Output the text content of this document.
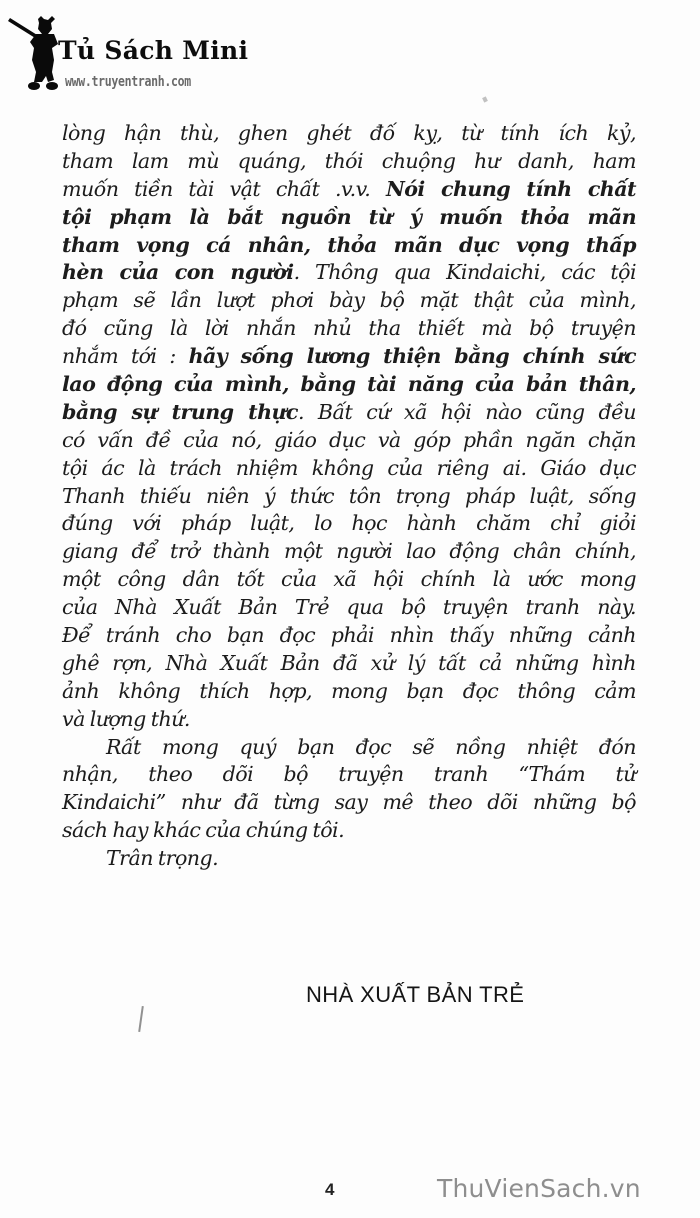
Tủ Sách Mini
www.truyentranh.com
lòng hận thù, ghen ghét đố kỵ, từ tính ích kỷ,
tham lam mù quáng, thói chuộng hư danh, ham
muốn tiền tài vật chất .v.v. Nói chung tính chất
tội phạm là bắt nguồn từ ý muốn thỏa mãn
tham vọng cá nhân, thỏa mãn dục vọng thấp
hèn của con người. Thông qua Kindaichi, các tội
phạm sẽ lần lượt phơi bày bộ mặt thật của mình,
đó cũng là lời nhắn nhủ tha thiết mà bộ truyện
nhắm tới : hãy sống lương thiện bằng chính sức
lao động của mình, bằng tài năng của bản thân,
bằng sự trung thực. Bất cứ xã hội nào cũng đều
có vấn đề của nó, giáo dục và góp phần ngăn chặn
tội ác là trách nhiệm không của riêng ai. Giáo dục
Thanh thiếu niên ý thức tôn trọng pháp luật, sống
đúng với pháp luật, lo học hành chăm chỉ giỏi
giang để trở thành một người lao động chân chính,
một công dân tốt của xã hội chính là ước mong
của Nhà Xuất Bản Trẻ qua bộ truyện tranh này.
Để tránh cho bạn đọc phải nhìn thấy những cảnh
ghê rợn, Nhà Xuất Bản đã xử lý tất cả những hình
ảnh không thích hợp, mong bạn đọc thông cảm
và lượng thứ.
Rất mong quý bạn đọc sẽ nồng nhiệt đón
nhận, theo dõi bộ truyện tranh “Thám tử
Kindaichi” như đã từng say mê theo dõi những bộ
sách hay khác của chúng tôi.
Trân trọng.
NHÀ XUẤT BẢN TRẺ
4	ThuVienSach.vn
